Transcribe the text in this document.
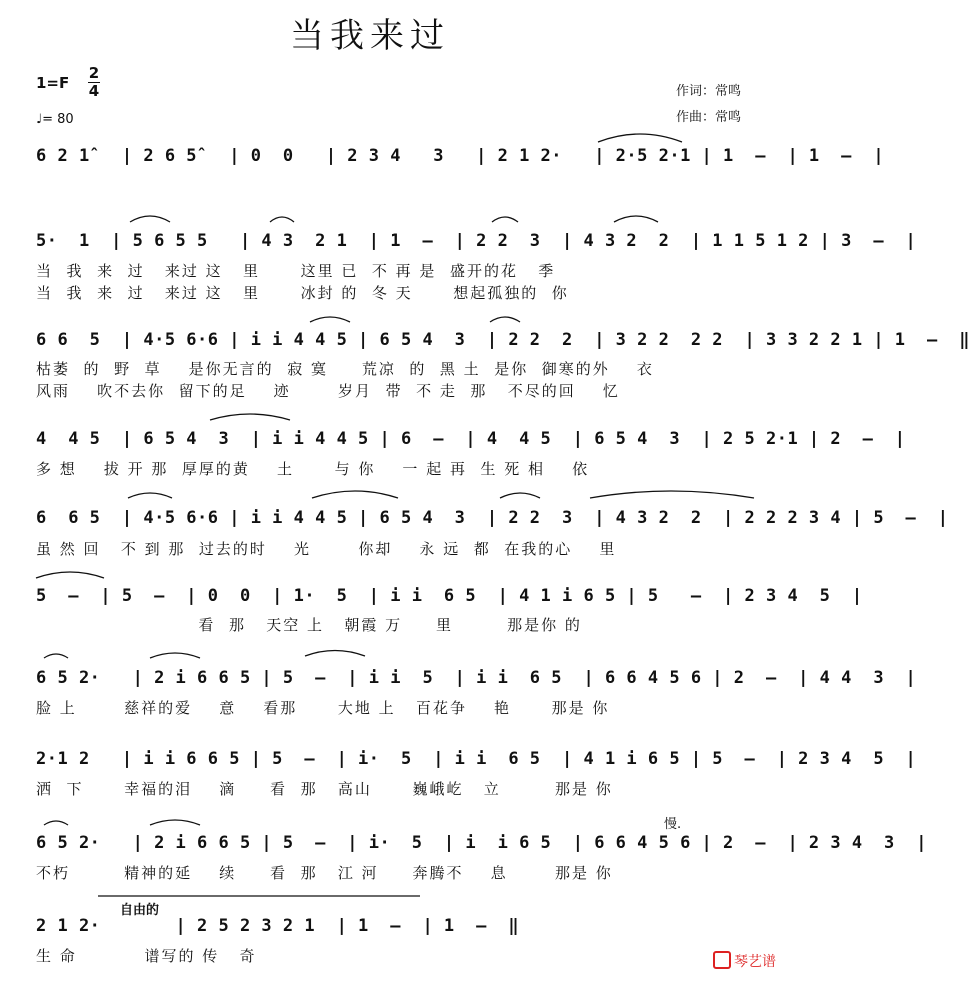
当我来过
作词：常鸣
作曲：常鸣
1=F
2
4
♩= 80
6 2 1̂   | 2 6 5̂   | 0  0   | 2 3 4   3   | 2 1 2·   | 2·5 2·1 | 1  –  | 1  –  |
5·  1  | 5 6 5 5   | 4 3  2 1  | 1  –  | 2 2  3  | 4 3 2  2  | 1 1 5 1 2 | 3  –  |
当  我  来  过   来过 这   里      这里 已  不 再 是  盛开的花   季
当  我  来  过   来过 这   里      冰封 的  冬 天      想起孤独的  你
6 6  5  | 4·5 6·6 | i i 4 4 5 | 6 5 4  3  | 2 2  2  | 3 2 2  2 2  | 3 3 2 2 1 | 1  –  ‖
枯萎  的  野  草    是你无言的  寂 寞     荒凉  的  黑 土  是你  御寒的外    衣
风雨    吹不去你  留下的足    迹       岁月  带  不 走  那   不尽的回    忆
4  4 5  | 6 5 4  3  | i i 4 4 5 | 6  –  | 4  4 5  | 6 5 4  3  | 2 5 2·1 | 2  –  |
多 想    拔 开 那  厚厚的黄    土      与 你    一 起 再  生 死 相    依
6  6 5  | 4·5 6·6 | i i 4 4 5 | 6 5 4  3  | 2 2  3  | 4 3 2  2  | 2 2 2 3 4 | 5  –  |
虽 然 回   不 到 那  过去的时    光       你却    永 远  都  在我的心    里
5  –  | 5  –  | 0  0  | 1·  5  | i i  6 5  | 4 1 i 6 5 | 5   –  | 2 3 4  5  |
看  那   天空 上   朝霞 万     里        那是你 的
6 5 2·   | 2 i 6 6 5 | 5  –  | i i  5  | i i  6 5  | 6 6 4 5 6 | 2  –  | 4 4  3  |
脸 上       慈祥的爱    意    看那      大地 上   百花争    艳      那是 你
2·1 2   | i i 6 6 5 | 5  –  | i·  5  | i i  6 5  | 4 1 i 6 5 | 5  –  | 2 3 4  5  |
洒  下      幸福的泪    滴     看  那   高山      巍峨屹   立        那是 你
慢.
6 5 2·   | 2 i 6 6 5 | 5  –  | i·  5  | i  i 6 5  | 6 6 4 5 6 | 2  –  | 2 3 4  3  |
不朽        精神的延    续     看  那   江 河     奔腾不    息       那是 你
自由的
2 1 2·       | 2 5 2 3 2 1  | 1  –  | 1  –  ‖
生 命          谱写的 传   奇	琴艺谱
